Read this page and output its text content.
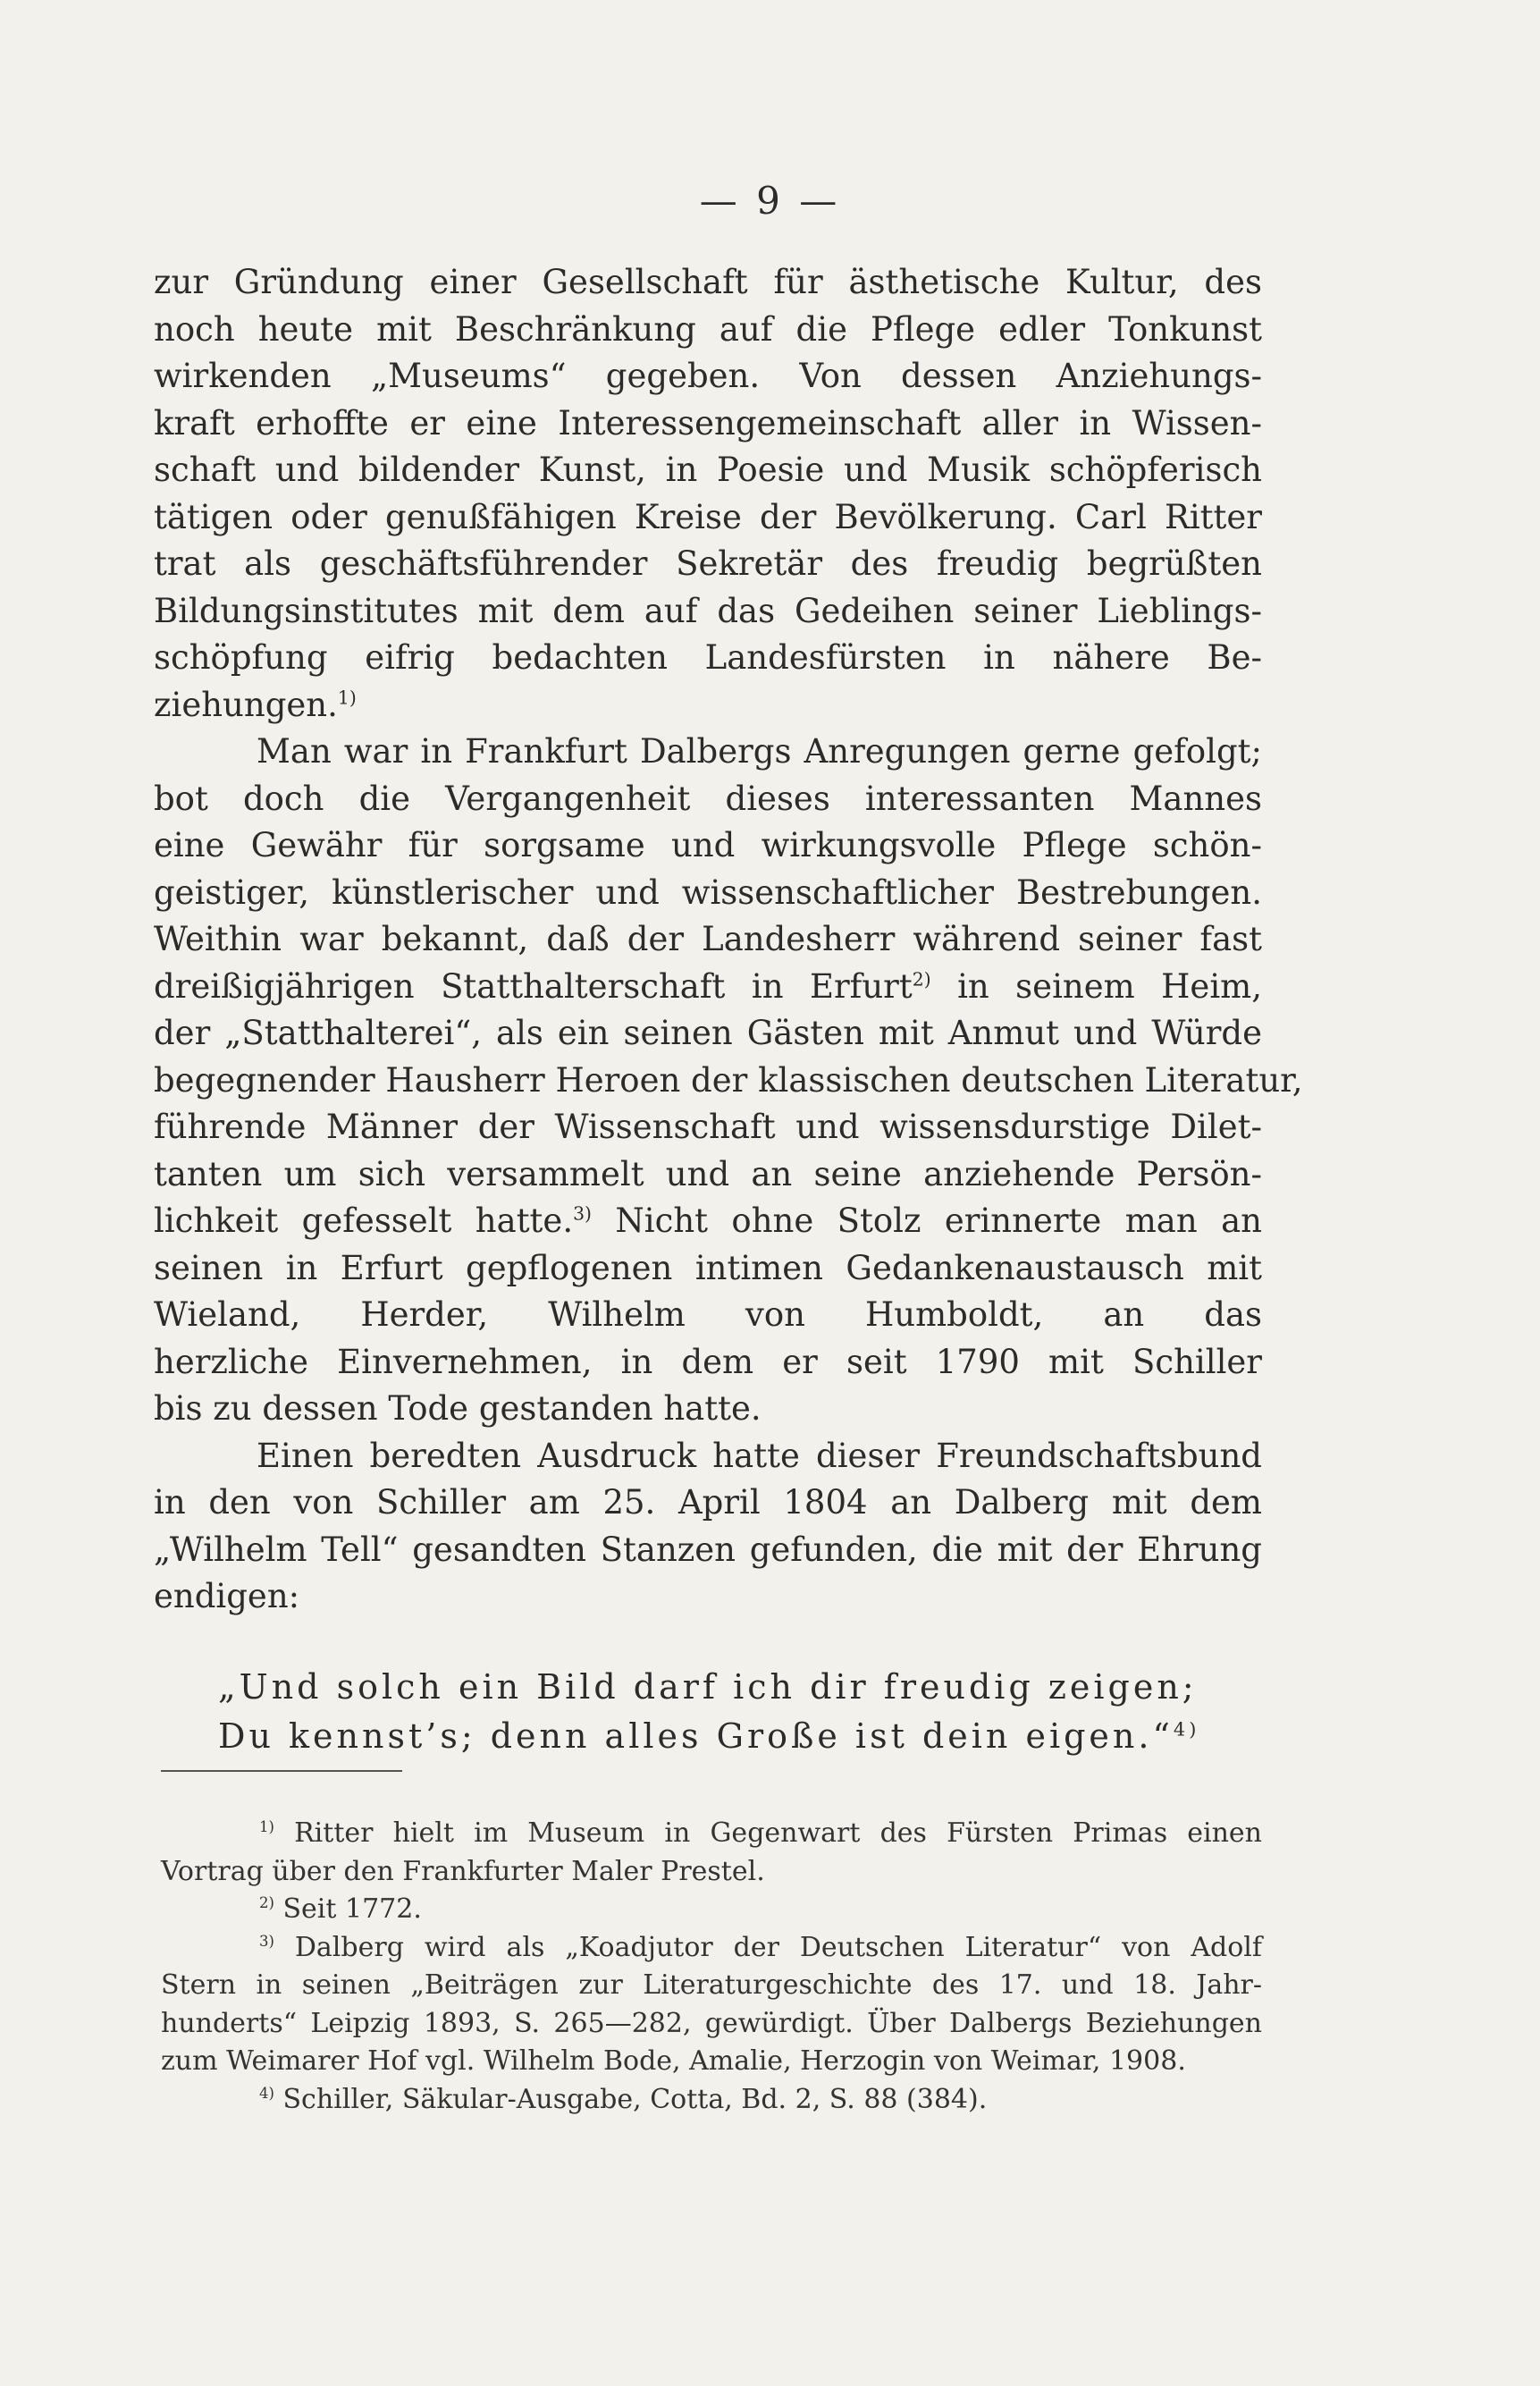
— 9 —
zur Gründung einer Gesellschaft für ästhetische Kultur, des
noch heute mit Beschränkung auf die Pflege edler Tonkunst
wirkenden „Museums“ gegeben. Von dessen Anziehungs-
kraft erhoffte er eine Interessengemeinschaft aller in Wissen-
schaft und bildender Kunst, in Poesie und Musik schöpferisch
tätigen oder genußfähigen Kreise der Bevölkerung. Carl Ritter
trat als geschäftsführender Sekretär des freudig begrüßten
Bildungsinstitutes mit dem auf das Gedeihen seiner Lieblings-
schöpfung eifrig bedachten Landesfürsten in nähere Be-
ziehungen.$^{1)}$
Man war in Frankfurt Dalbergs Anregungen gerne gefolgt;
bot doch die Vergangenheit dieses interessanten Mannes
eine Gewähr für sorgsame und wirkungsvolle Pflege schön-
geistiger, künstlerischer und wissenschaftlicher Bestrebungen.
Weithin war bekannt, daß der Landesherr während seiner fast
dreißigjährigen Statthalterschaft in Erfurt$^{2)}$ in seinem Heim,
der „Statthalterei“, als ein seinen Gästen mit Anmut und Würde
begegnender Hausherr Heroen der klassischen deutschen Literatur,
führende Männer der Wissenschaft und wissensdurstige Dilet-
tanten um sich versammelt und an seine anziehende Persön-
lichkeit gefesselt hatte.$^{3)}$ Nicht ohne Stolz erinnerte man an
seinen in Erfurt gepflogenen intimen Gedankenaustausch mit
Wieland, Herder, Wilhelm von Humboldt, an das
herzliche Einvernehmen, in dem er seit 1790 mit Schiller
bis zu dessen Tode gestanden hatte.
Einen beredten Ausdruck hatte dieser Freundschaftsbund
in den von Schiller am 25. April 1804 an Dalberg mit dem
„Wilhelm Tell“ gesandten Stanzen gefunden, die mit der Ehrung
endigen:
„Und solch ein Bild darf ich dir freudig zeigen;
Du kennst’s; denn alles Große ist dein eigen.“$^{4)}$
$^{1)}$ Ritter hielt im Museum in Gegenwart des Fürsten Primas einen
Vortrag über den Frankfurter Maler Prestel.
$^{2)}$ Seit 1772.
$^{3)}$ Dalberg wird als „Koadjutor der Deutschen Literatur“ von Adolf
Stern in seinen „Beiträgen zur Literaturgeschichte des 17. und 18. Jahr-
hunderts“ Leipzig 1893, S. 265—282, gewürdigt. Über Dalbergs Beziehungen
zum Weimarer Hof vgl. Wilhelm Bode, Amalie, Herzogin von Weimar, 1908.
$^{4)}$ Schiller, Säkular-Ausgabe, Cotta, Bd. 2, S. 88 (384).
